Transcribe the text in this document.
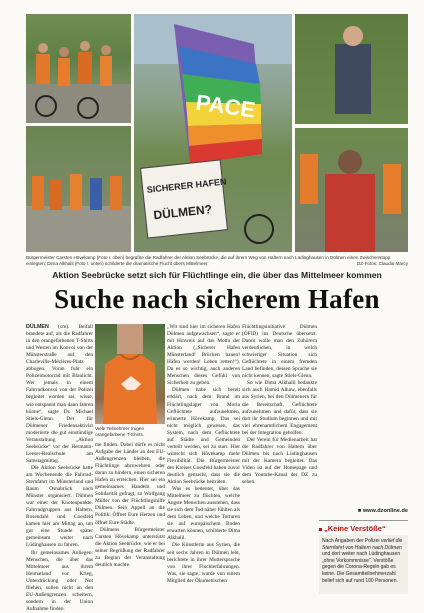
PACE
SICHERER HAFEN
DÜLMEN?
Bürgermeister Carsten Hövekamp (Foto r. oben) begrüßte die Radfahrer der Aktion Seebrücke, die auf ihrem Weg von Haltern nach Lüdinghausen in Dülmen einen Zwischenstopp einlegten; Dima Alkhalil (Foto r. unten) schilderte die dramatische Flucht übers Mittelmeer.	DZ-Fotos: Claudia Marcy
Aktion Seebrücke setzt sich für Flüchtlinge ein, die über das Mittelmeer kommen
Suche nach sicherem Hafen

DÜLMEN (cm). Beifall brandete auf, als die Radfahrer in den orangefarbenen T-Shirts und Westen im Konvoi von der Münsterstraße auf den Charleville-Mézières-Platz abbogen. Voran fuhr ein Polizeimotorrad mit Blaulicht. Wer jemals in einem Fahrradkonvoi von der Polizei begleitet worden sei, wisse, wie entspannt man dann fahren könne“, sagte Dr. Michael Stiels-Glenn. Der für Dülmener Friedensaktivist moderierte die gut einstündige Veranstaltung „Aktion Seebrücke“ vor der Hermann-Leeser-Realschule am Samstagmittag.

Die Aktion Seebrücke hatte am Wochenende die Fahrrad-Sternfahrt im Münsterland und Raum Osnabrück nach Münster organisiert. Dülmen war einer der Knotenpunkte. Fahrradgruppen aus Haltern, Rosendahl und Coesfeld kamen hier am Mittag an, um gut eine Stunde später gemeinsam weiter nach Lüdinghausen zu fahren.

Ihr gemeinsames Anliegen: Menschen, die über das Mittelmeer aus ihrem Heimatland vor Krieg, Unterdrückung oder Not fliehen, sollen nicht an den EU-Außengrenzen scheitern, sondern in der Union Aufnahme finden.

Viele Teilnehmer trugen orangefarbene T-Shirts.

me finden. Dabei dürfe es nicht Aufgabe der Länder an den EU-Außengrenzen bleiben, die Flüchtlinge abzuwehren oder daran zu hindern, einen sicheren Hafen zu erreichen. Hier sei ein gemeinsames Handeln und Solidarität gefragt, so Wolfgang Müller von der Flüchtlingshilfe Dülmen. Sein Appell an die Politik: Öffnet Eure Herzen und öffnet Eure Städte.

Dülmens Bürgermeister Carsten Hövekamp unterstützt die Aktion Seebrücke, wie er bei seiner Begrüßung der Radfahrer zu Beginn der Veranstaltung deutlich machte.

„Wir sind hier im sicheren Hafen Dülmen aufgewachsen“, sagte er mit Hinweis auf das Motto der Aktion („Sicherer Hafen Münsterland! Brücken bauen! Häfen werden! Leben retten!“). Da es so wichtig, auch anderen Menschen dieses Gefühl von Sicherheit zu geben.

Dülmen habe sich bereit erklärt, nach dem Brand im Flüchtlingslager von Moria Geflüchtete aufzunehmen, erinnerte Hövekamp. Das sei nicht möglich gewesen, das System, nach dem Geflüchtete auf Städte und Gemeinden verteilt werden, sei zu starr. Hier wünscht sich Hövekamp mehr Flexibilität. Die Bürgermeister des Kreises Coesfeld haben zuvor deutlich gemacht, dass sie die Aktion Seebrücke beiträten.

Was es bedeutet, über das Mittelmeer zu flüchten, welche Ängste Menschen ausstehen, dass sie sich dem Tod näher fühlten als dem Leben, und welche Torturen sie auf europäischem Boden erwarten können, schilderte Dima Alkhalil.

Die Künstlerin aus Syrien, die seit sechs Jahren in Dülmen lebt, berichtete in ihrer Muttersprache von ihrer Fluchterfahrungen. Was, sie sagte, wurde von einem Mitglied der Ökumenischen

Flüchtlingsinitiative Dülmen (ÖFID) ins Deutsche übersetzt. Damit wolle man den Zuhörern verdeutlichen, in welch schwieriger Situation sich Geflüchtete in einem fremden Land befinden, dessen Sprache sie nicht kennen, sagte Stiels-Glenn.

So wie Dima Alkhalil bedankte sich auch Hamid Alhaw, ebenfalls aus Syrien, bei den Dülmenern für die Bereitschaft, Geflüchtete aufzunehmen und dafür, dass sie dort ihr Studium beginnen und mit viel ehrenamtlichem Engagement bei der Integration geholfen.

Der Verein für Medienarbeit hat die Radfahrer von Haltern über Dülmen bis nach Lüdinghausen mit der Kamera begleitet. Das Video ist auf der Homepage und dem Youtube-Kanal der DZ zu sehen.

■ www.dzonline.de
„Keine Verstöße“
Nach Angaben der Polizei verlief die Sternfahrt von Haltern nach Dülmen und dort weiter nach Lüdinghausen „ohne Vorkommnisse“. Verstöße gegen die Corona-Regeln gab es keine. Die Gesamtteilnehmerzahl belief sich auf rund 100 Personen.
